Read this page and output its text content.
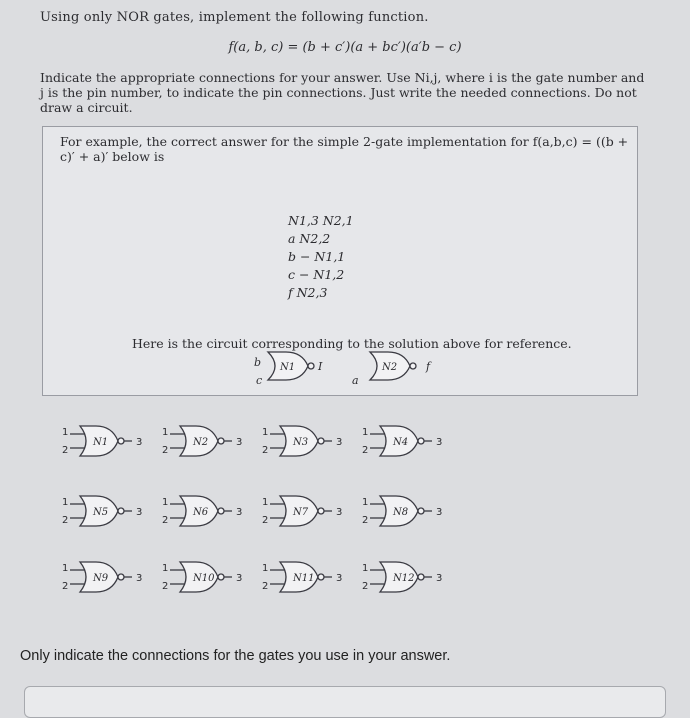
Using only NOR gates, implement the following function.
f(a, b, c) = (b + c′)(a + bc′)(a′b − c)
Indicate the appropriate connections for your answer. Use Ni,j, where i is the gate number and j is the pin number, to indicate the pin connections. Just write the needed connections. Do not draw a circuit.
For example, the correct answer for the simple 2-gate implementation for f(a,b,c) = ((b + c)′ + a)′ below is
N1,3 N2,1
a N2,2
b − N1,1
c − N1,2
f N2,3
Here is the circuit corresponding to the solution above for reference.
b
c	a
I	f
N1	N2
1
2
3
N1
1
2
3
N2
1
2
3
N3
1
2
3
N4
1
2
3
N5
1
2
3
N6
1
2
3
N7
1
2
3
N8
1
2
3
N9
1
2
3
N10
1
2
3
N11
1
2
3
N12
Only indicate the connections for the gates you use in your answer.
